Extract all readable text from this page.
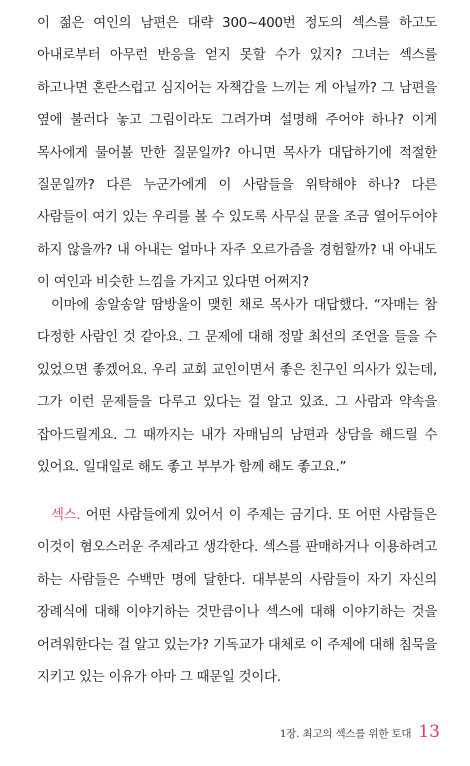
이 젊은 여인의 남편은 대략 300~400번 정도의 섹스를 하고도 아내로부터 아무런 반응을 얻지 못할 수가 있지? 그녀는 섹스를 하고나면 혼란스럽고 심지어는 자책감을 느끼는 게 아닐까? 그 남편을 옆에 불러다 놓고 그림이라도 그려가며 설명해 주어야 하나? 이게 목사에게 물어볼 만한 질문일까? 아니면 목사가 대답하기에 적절한 질문일까? 다른 누군가에게 이 사람들을 위탁해야 하나? 다른 사람들이 여기 있는 우리를 볼 수 있도록 사무실 문을 조금 열어두어야 하지 않을까? 내 아내는 얼마나 자주 오르가즘을 경험할까? 내 아내도 이 여인과 비슷한 느낌을 가지고 있다면 어쩌지?

이마에 송알송알 땀방울이 맺힌 채로 목사가 대답했다. “자매는 참 다정한 사람인 것 같아요. 그 문제에 대해 정말 최선의 조언을 들을 수 있었으면 좋겠어요. 우리 교회 교인이면서 좋은 친구인 의사가 있는데, 그가 이런 문제들을 다루고 있다는 걸 알고 있죠. 그 사람과 약속을 잡아드릴게요. 그 때까지는 내가 자매님의 남편과 상담을 해드릴 수 있어요. 일대일로 해도 좋고 부부가 함께 해도 좋고요.”

섹스. 어떤 사람들에게 있어서 이 주제는 금기다. 또 어떤 사람들은 이것이 혐오스러운 주제라고 생각한다. 섹스를 판매하거나 이용하려고 하는 사람들은 수백만 명에 달한다. 대부분의 사람들이 자기 자신의 장례식에 대해 이야기하는 것만큼이나 섹스에 대해 이야기하는 것을 어려워한다는 걸 알고 있는가? 기독교가 대체로 이 주제에 대해 침묵을 지키고 있는 이유가 아마 그 때문일 것이다.

1장. 최고의 섹스를 위한 토대 13
